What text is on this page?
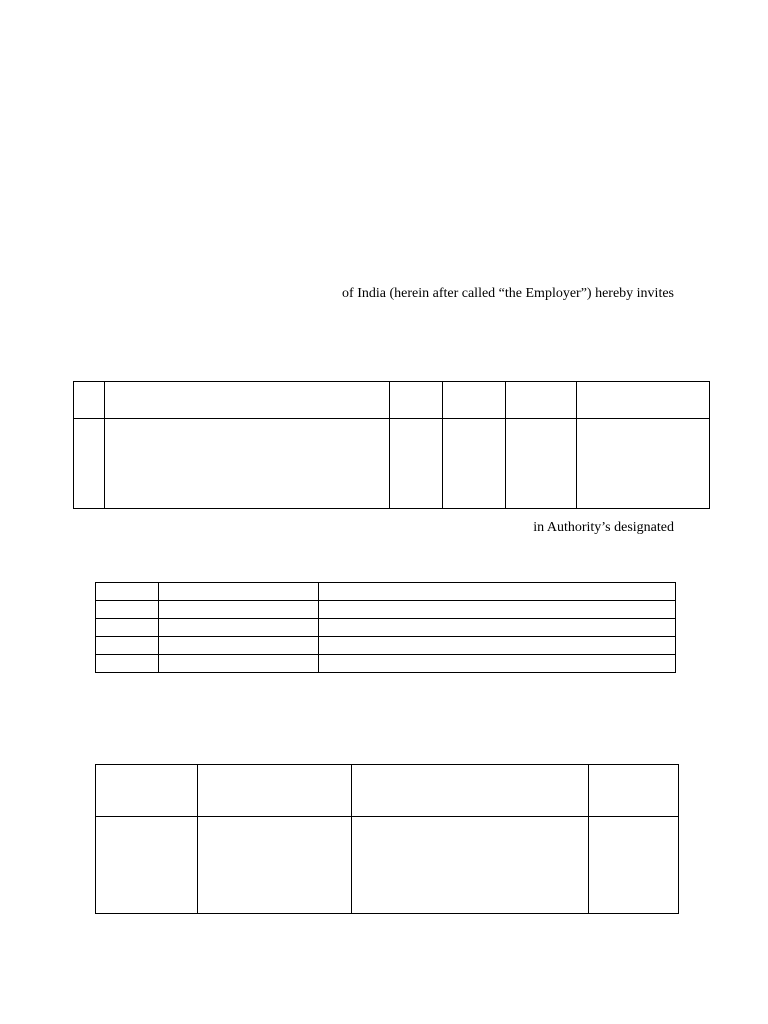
of India (herein after called “the Employer”) hereby invites

in Authority’s designated
